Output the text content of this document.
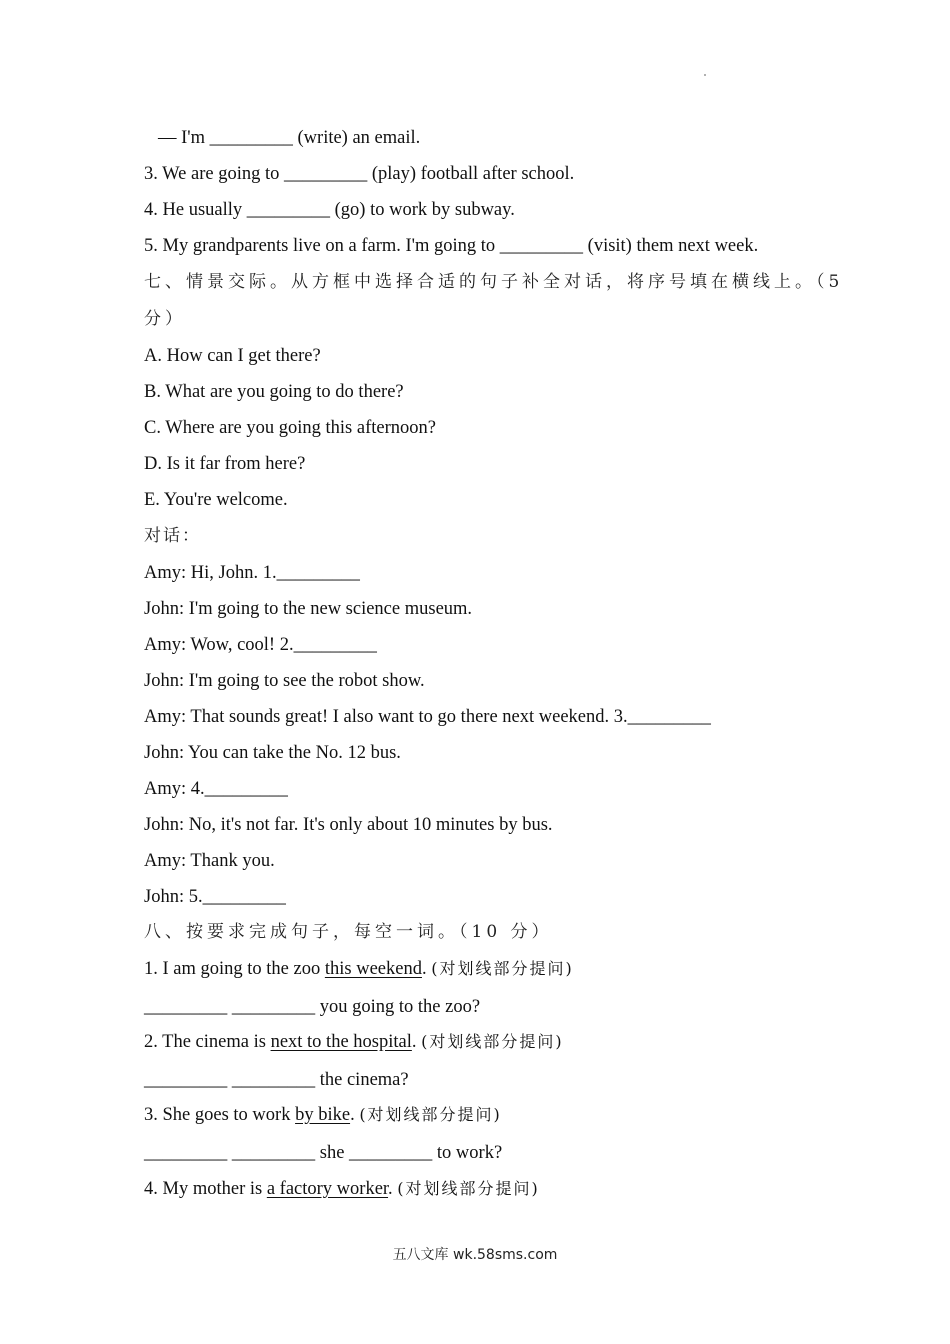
— I'm _________ (write) an email.
3. We are going to _________ (play) football after school.
4. He usually _________ (go) to work by subway.
5. My grandparents live on a farm. I'm going to _________ (visit) them next week.
七、情景交际。从方框中选择合适的句子补全对话，将序号填在横线上。（5
分）
A. How can I get there?
B. What are you going to do there?
C. Where are you going this afternoon?
D. Is it far from here?
E. You're welcome.
对话：
Amy: Hi, John. 1._________
John: I'm going to the new science museum.
Amy: Wow, cool! 2._________
John: I'm going to see the robot show.
Amy: That sounds great! I also want to go there next weekend. 3._________
John: You can take the No. 12 bus.
Amy: 4._________
John: No, it's not far. It's only about 10 minutes by bus.
Amy: Thank you.
John: 5._________
八、按要求完成句子，每空一词。（10 分）
1. I am going to the zoo this weekend. (对划线部分提问)
_________ _________ you going to the zoo?
2. The cinema is next to the hospital. (对划线部分提问)
_________ _________ the cinema?
3. She goes to work by bike. (对划线部分提问)
_________ _________ she _________ to work?
4. My mother is a factory worker. (对划线部分提问)
五八文库 wk.58sms.com
